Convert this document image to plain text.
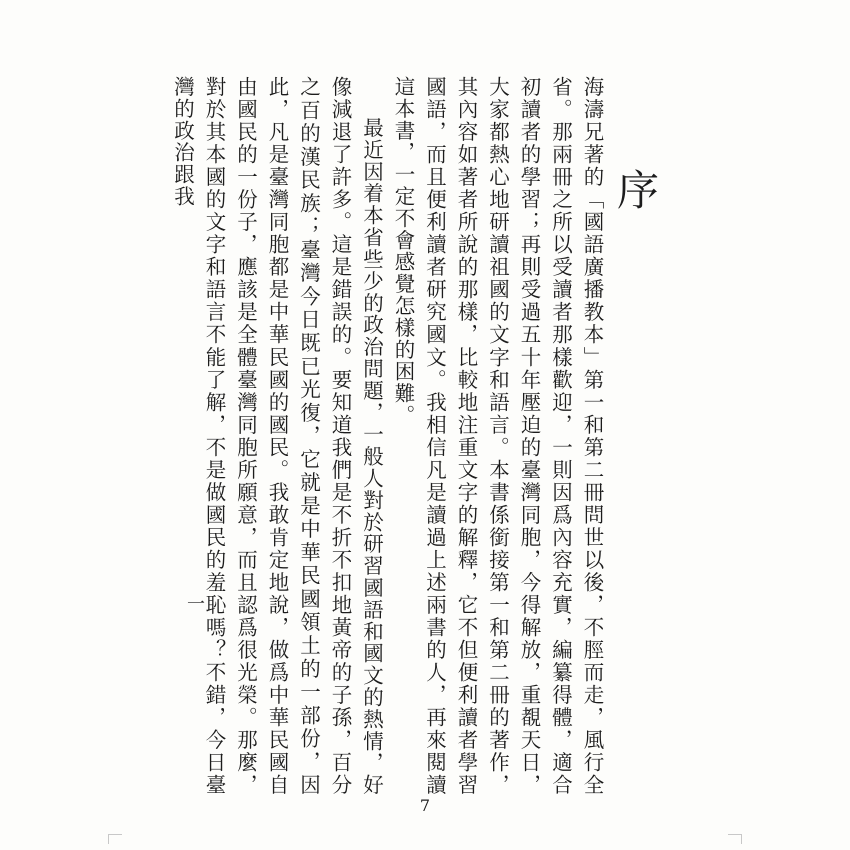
序

海濤兄著的「國語廣播教本」第一和第二冊問世以後，不脛而走，風行全省。那兩冊之所以受讀者那樣歡迎，一則因爲內容充實，編纂得體，適合初讀者的學習；再則受過五十年壓迫的臺灣同胞，今得解放，重覩天日，大家都熱心地研讀祖國的文字和語言。本書係銜接第一和第二冊的著作，其內容如著者所說的那樣，比較地注重文字的解釋，它不但便利讀者學習國語，而且便利讀者研究國文。我相信凡是讀過上述兩書的人，再來閱讀這本書，一定不會感覺怎樣的困難。

最近因着本省些少的政治問題，一般人對於研習國語和國文的熱情，好像減退了許多。這是錯誤的。要知道我們是不折不扣地黃帝的子孫，百分之百的漢民族；臺灣今日既已光復，它就是中華民國領土的一部份，因此，凡是臺灣同胞都是中華民國的國民。我敢肯定地說，做爲中華民國自由國民的一份子，應該是全體臺灣同胞所願意，而且認爲很光榮。那麼，對於其本國的文字和語言不能了解，不是做國民的羞恥嗎？不錯，今日臺灣的政治跟我

一
7
